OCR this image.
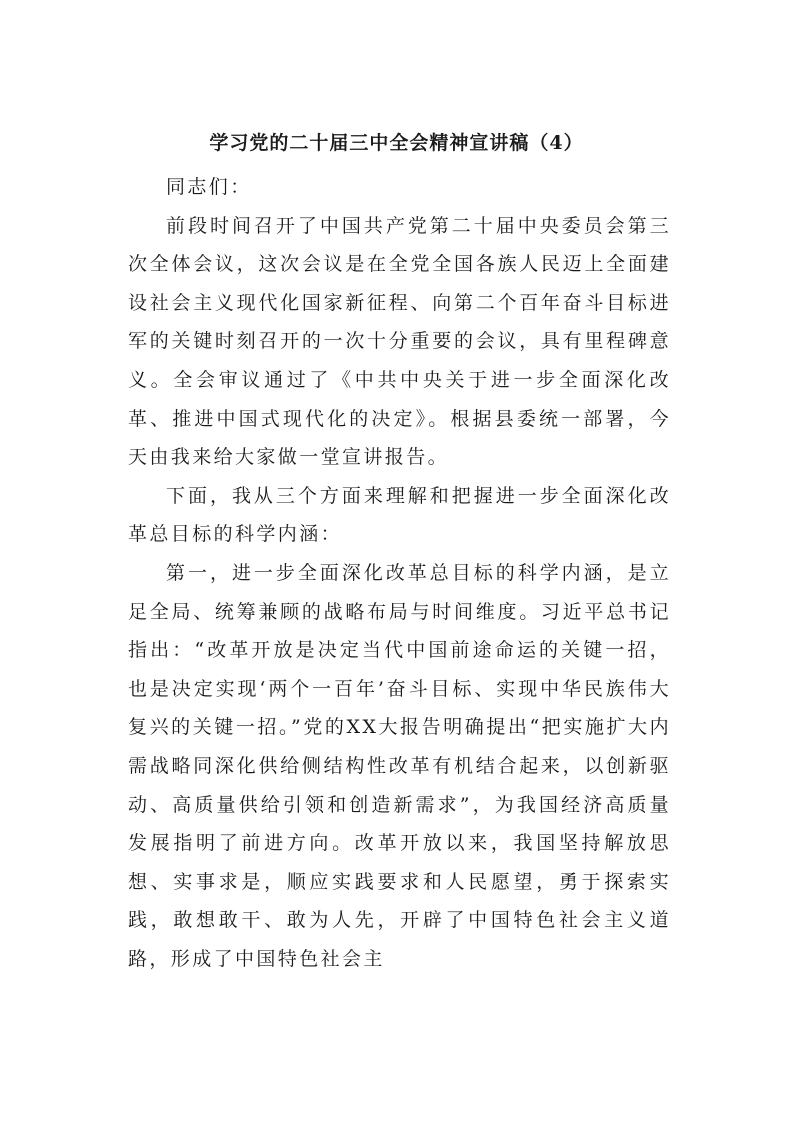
学习党的二十届三中全会精神宣讲稿（4）

同志们：

前段时间召开了中国共产党第二十届中央委员会第三次全体会议，这次会议是在全党全国各族人民迈上全面建设社会主义现代化国家新征程、向第二个百年奋斗目标进军的关键时刻召开的一次十分重要的会议，具有里程碑意义。全会审议通过了《中共中央关于进一步全面深化改革、推进中国式现代化的决定》。根据县委统一部署，今天由我来给大家做一堂宣讲报告。

下面，我从三个方面来理解和把握进一步全面深化改革总目标的科学内涵：

第一，进一步全面深化改革总目标的科学内涵，是立足全局、统筹兼顾的战略布局与时间维度。习近平总书记指出：“改革开放是决定当代中国前途命运的关键一招，也是决定实现‘两个一百年’奋斗目标、实现中华民族伟大复兴的关键一招。”党的XX大报告明确提出“把实施扩大内需战略同深化供给侧结构性改革有机结合起来，以创新驱动、高质量供给引领和创造新需求”，为我国经济高质量发展指明了前进方向。改革开放以来，我国坚持解放思想、实事求是，顺应实践要求和人民愿望，勇于探索实践，敢想敢干、敢为人先，开辟了中国特色社会主义道路，形成了中国特色社会主
